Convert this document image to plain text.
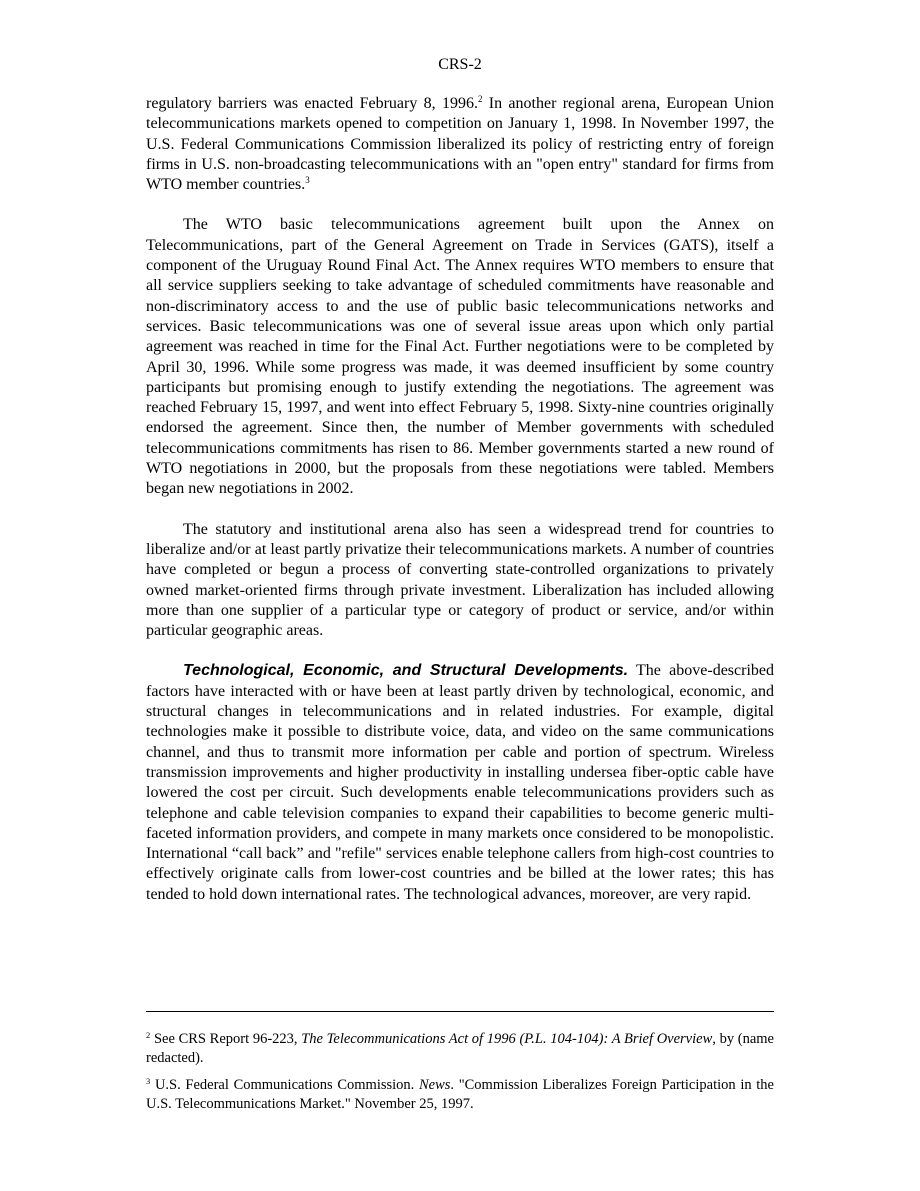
CRS-2

regulatory barriers was enacted February 8, 1996.$^2$ In another regional arena, European Union telecommunications markets opened to competition on January 1, 1998. In November 1997, the U.S. Federal Communications Commission liberalized its policy of restricting entry of foreign firms in U.S. non-broadcasting telecommunications with an "open entry" standard for firms from WTO member countries.$^3$

The WTO basic telecommunications agreement built upon the Annex on Telecommunications, part of the General Agreement on Trade in Services (GATS), itself a component of the Uruguay Round Final Act. The Annex requires WTO members to ensure that all service suppliers seeking to take advantage of scheduled commitments have reasonable and non-discriminatory access to and the use of public basic telecommunications networks and services. Basic telecommunications was one of several issue areas upon which only partial agreement was reached in time for the Final Act. Further negotiations were to be completed by April 30, 1996. While some progress was made, it was deemed insufficient by some country participants but promising enough to justify extending the negotiations. The agreement was reached February 15, 1997, and went into effect February 5, 1998. Sixty-nine countries originally endorsed the agreement. Since then, the number of Member governments with scheduled telecommunications commitments has risen to 86. Member governments started a new round of WTO negotiations in 2000, but the proposals from these negotiations were tabled. Members began new negotiations in 2002.

The statutory and institutional arena also has seen a widespread trend for countries to liberalize and/or at least partly privatize their telecommunications markets. A number of countries have completed or begun a process of converting state-controlled organizations to privately owned market-oriented firms through private investment. Liberalization has included allowing more than one supplier of a particular type or category of product or service, and/or within particular geographic areas.

Technological, Economic, and Structural Developments. The above-described factors have interacted with or have been at least partly driven by technological, economic, and structural changes in telecommunications and in related industries. For example, digital technologies make it possible to distribute voice, data, and video on the same communications channel, and thus to transmit more information per cable and portion of spectrum. Wireless transmission improvements and higher productivity in installing undersea fiber-optic cable have lowered the cost per circuit. Such developments enable telecommunications providers such as telephone and cable television companies to expand their capabilities to become generic multi-faceted information providers, and compete in many markets once considered to be monopolistic. International “call back” and "refile" services enable telephone callers from high-cost countries to effectively originate calls from lower-cost countries and be billed at the lower rates; this has tended to hold down international rates. The technological advances, moreover, are very rapid.

$^2$ See CRS Report 96-223, The Telecommunications Act of 1996 (P.L. 104-104): A Brief Overview, by (name redacted).

$^3$ U.S. Federal Communications Commission. News. "Commission Liberalizes Foreign Participation in the U.S. Telecommunications Market." November 25, 1997.
